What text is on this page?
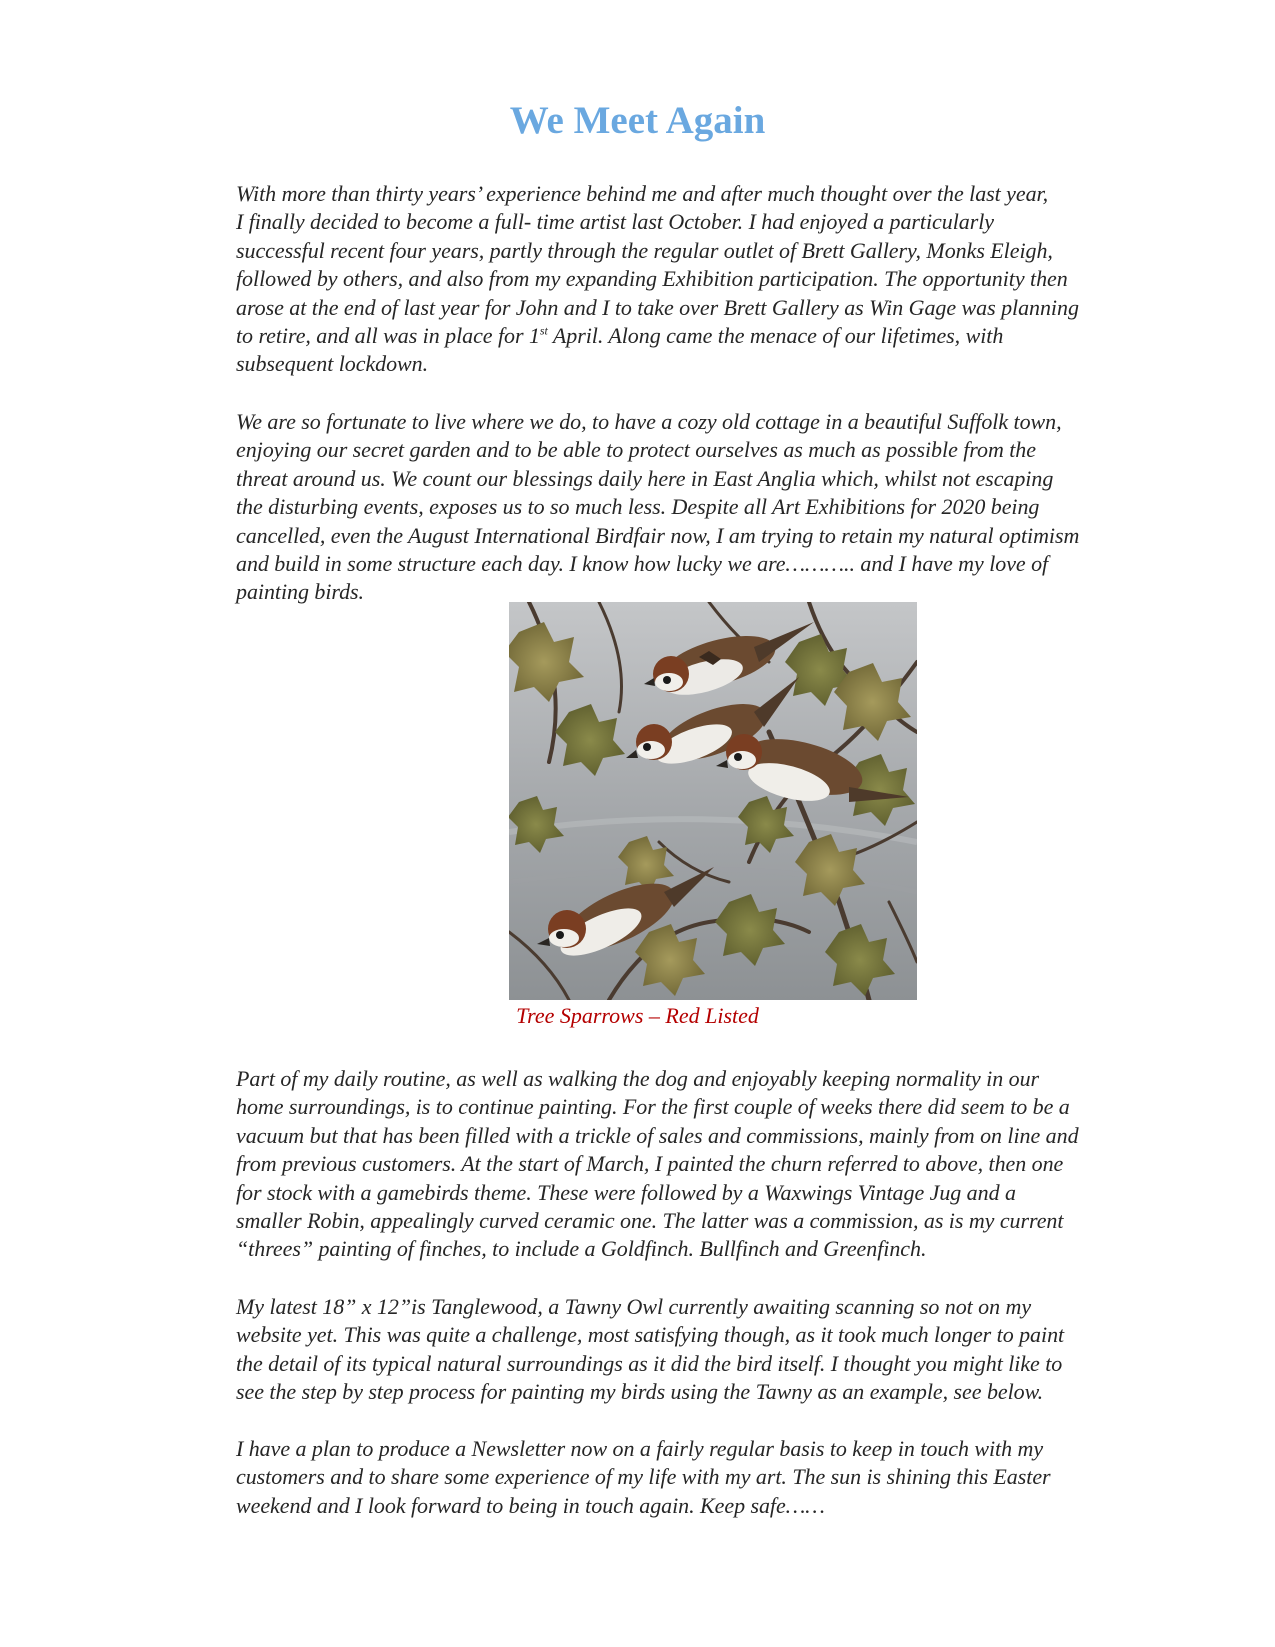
We Meet Again

With more than thirty years’ experience behind me and after much thought over the last year,
I finally decided to become a full- time artist last October. I had enjoyed a particularly
successful recent four years, partly through the regular outlet of Brett Gallery, Monks Eleigh,
followed by others, and also from my expanding Exhibition participation. The opportunity then
arose at the end of last year for John and I to take over Brett Gallery as Win Gage was planning
to retire, and all was in place for 1st April. Along came the menace of our lifetimes, with
subsequent lockdown.

We are so fortunate to live where we do, to have a cozy old cottage in a beautiful Suffolk town,
enjoying our secret garden and to be able to protect ourselves as much as possible from the
threat around us. We count our blessings daily here in East Anglia which, whilst not escaping
the disturbing events, exposes us to so much less. Despite all Art Exhibitions for 2020 being
cancelled, even the August International Birdfair now, I am trying to retain my natural optimism
and build in some structure each day. I know how lucky we are……….. and I have my love of
painting birds.

Tree Sparrows – Red Listed

Part of my daily routine, as well as walking the dog and enjoyably keeping normality in our
home surroundings, is to continue painting. For the first couple of weeks there did seem to be a
vacuum but that has been filled with a trickle of sales and commissions, mainly from on line and
from previous customers. At the start of March, I painted the churn referred to above, then one
for stock with a gamebirds theme. These were followed by a Waxwings Vintage Jug and a
smaller Robin, appealingly curved ceramic one. The latter was a commission, as is my current
“threes” painting of finches, to include a Goldfinch. Bullfinch and Greenfinch.

My latest 18” x 12”is Tanglewood, a Tawny Owl currently awaiting scanning so not on my
website yet. This was quite a challenge, most satisfying though, as it took much longer to paint
the detail of its typical natural surroundings as it did the bird itself. I thought you might like to
see the step by step process for painting my birds using the Tawny as an example, see below.

I have a plan to produce a Newsletter now on a fairly regular basis to keep in touch with my
customers and to share some experience of my life with my art. The sun is shining this Easter
weekend and I look forward to being in touch again. Keep safe……
